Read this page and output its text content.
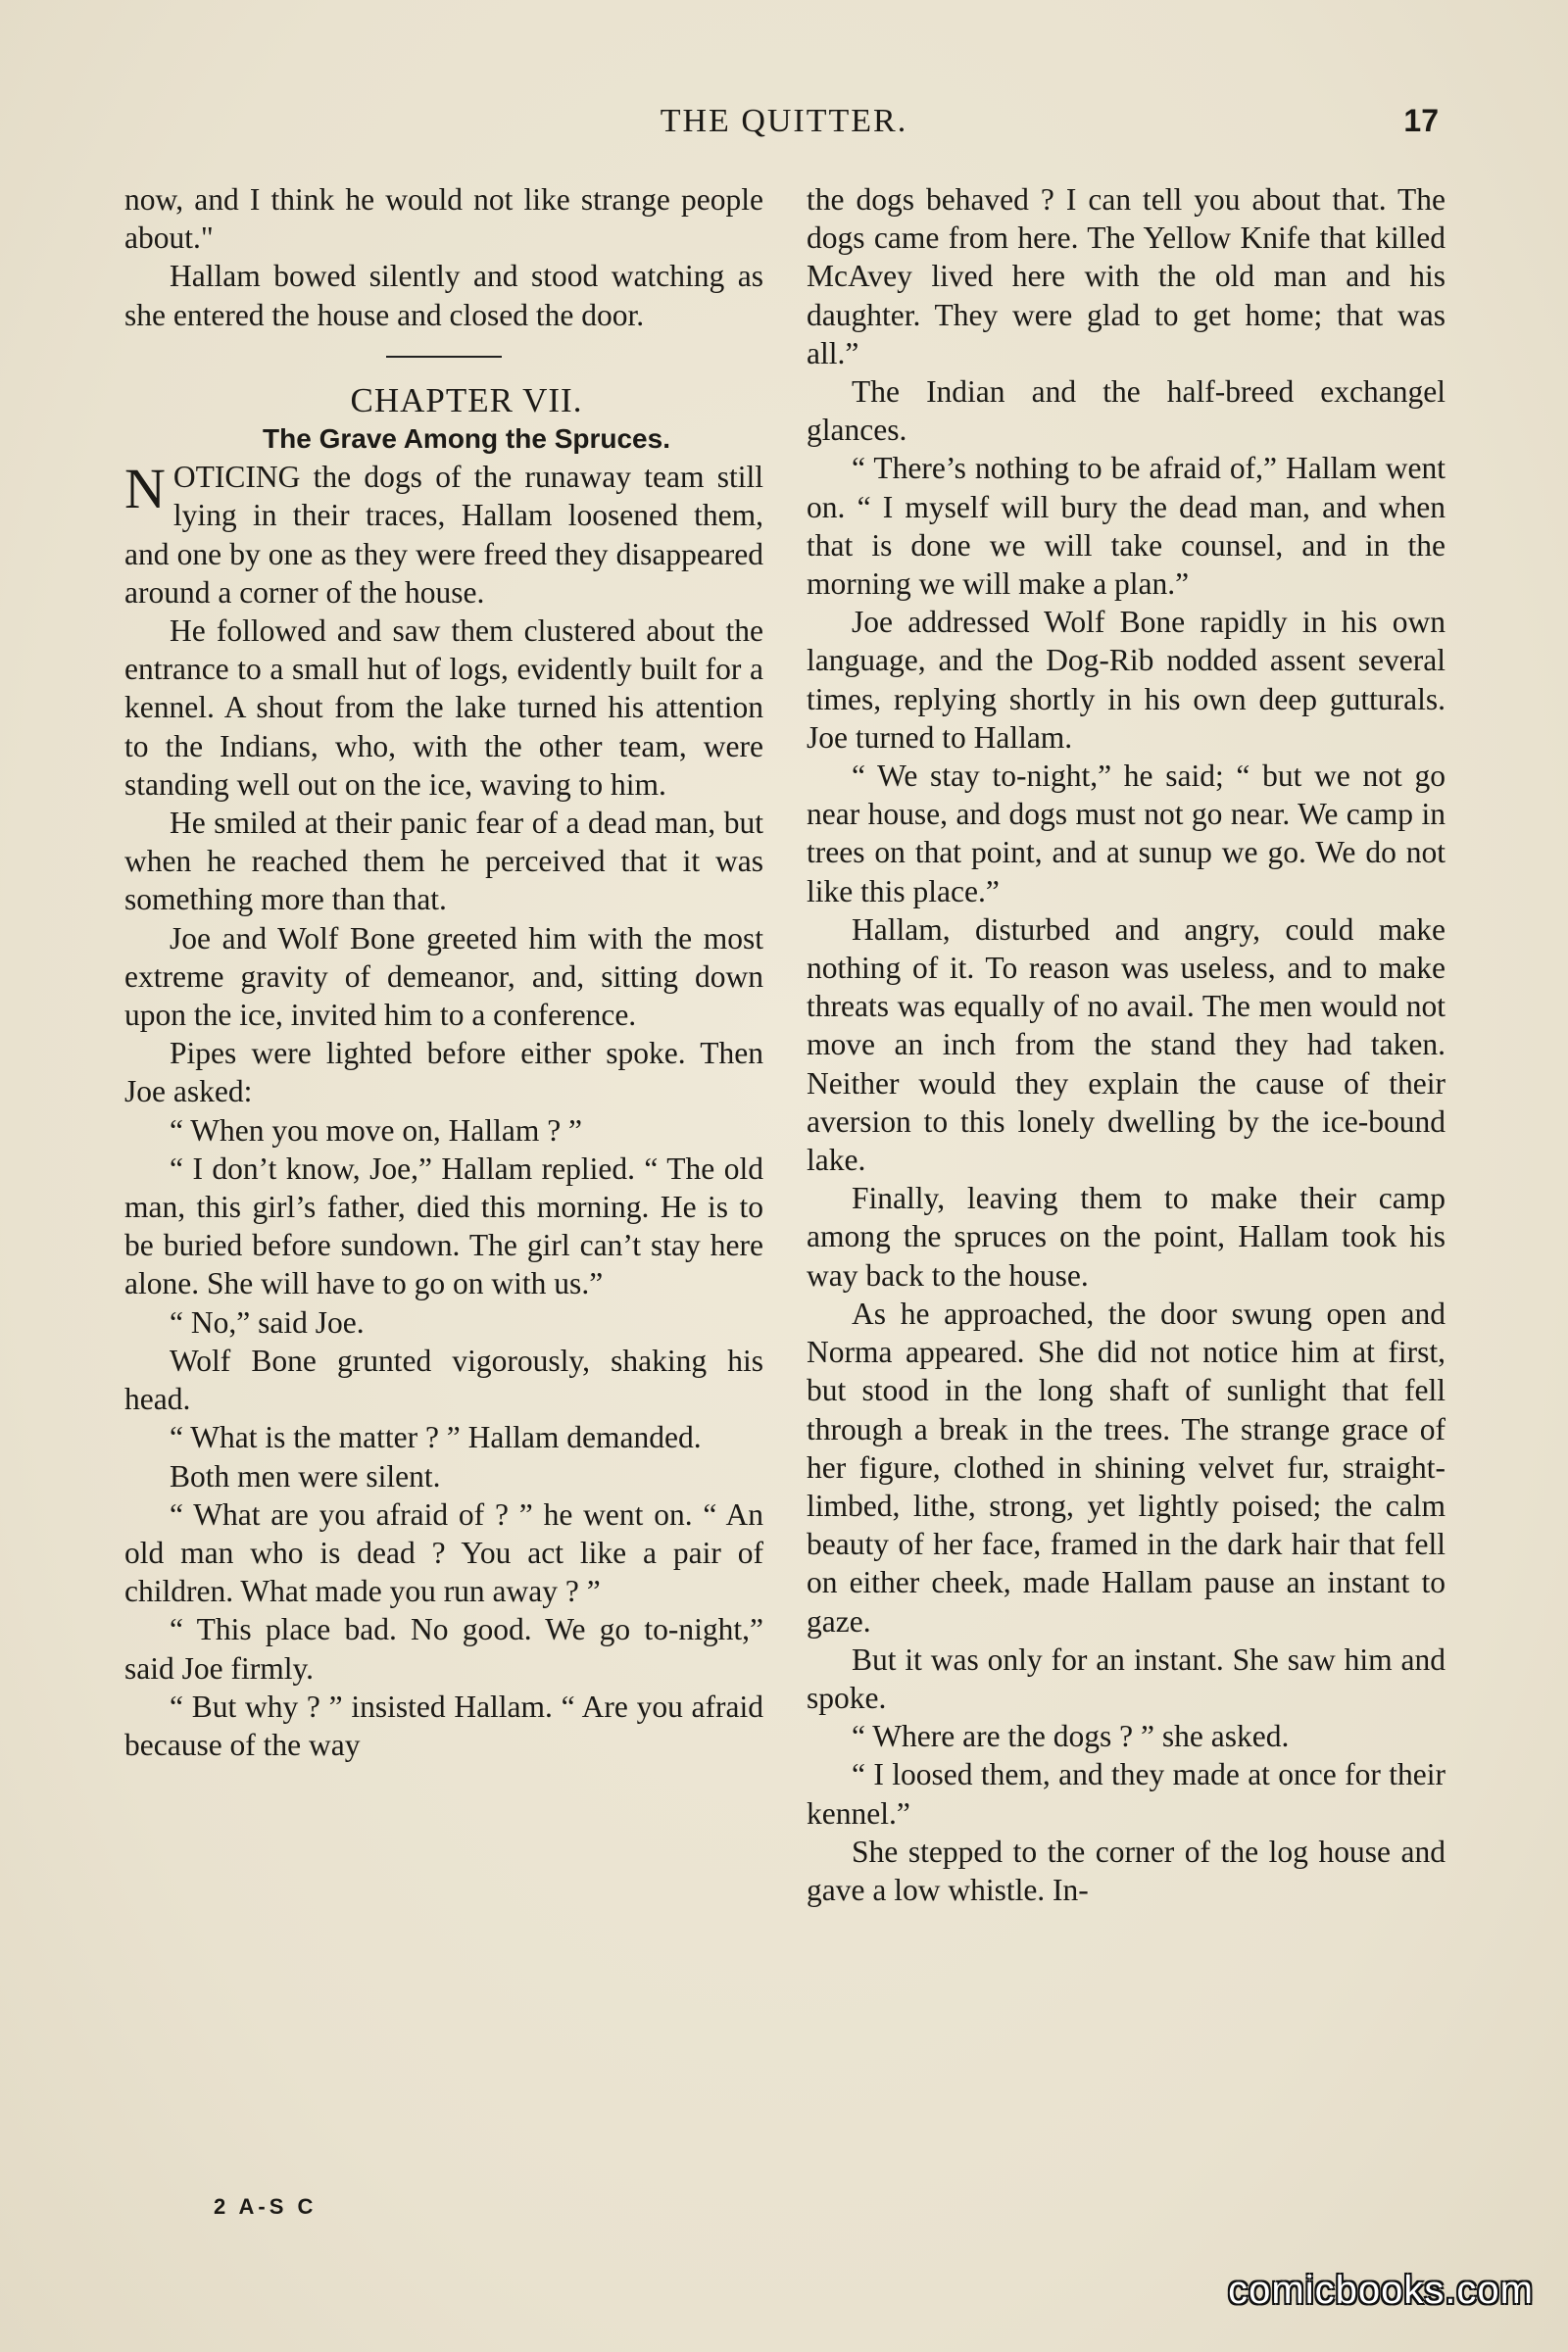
THE QUITTER.	17

now, and I think he would not like strange people about."

Hallam bowed silently and stood watching as she entered the house and closed the door.

CHAPTER VII.

The Grave Among the Spruces.

NOTICING the dogs of the runaway team still lying in their traces, Hallam loosened them, and one by one as they were freed they disappeared around a corner of the house.

He followed and saw them clustered about the entrance to a small hut of logs, evidently built for a kennel. A shout from the lake turned his attention to the Indians, who, with the other team, were standing well out on the ice, waving to him.

He smiled at their panic fear of a dead man, but when he reached them he perceived that it was something more than that.

Joe and Wolf Bone greeted him with the most extreme gravity of demeanor, and, sitting down upon the ice, invited him to a conference.

Pipes were lighted before either spoke. Then Joe asked:

“ When you move on, Hallam ? ”

“ I don’t know, Joe,” Hallam replied. “ The old man, this girl’s father, died this morning. He is to be buried before sundown. The girl can’t stay here alone. She will have to go on with us.”

“ No,” said Joe.

Wolf Bone grunted vigorously, shaking his head.

“ What is the matter ? ” Hallam demanded.

Both men were silent.

“ What are you afraid of ? ” he went on. “ An old man who is dead ? You act like a pair of children. What made you run away ? ”

“ This place bad. No good. We go to-night,” said Joe firmly.

“ But why ? ” insisted Hallam. “ Are you afraid because of the way

the dogs behaved ? I can tell you about that. The dogs came from here. The Yellow Knife that killed McAvey lived here with the old man and his daughter. They were glad to get home; that was all.”

The Indian and the half-breed exchangel glances.

“ There’s nothing to be afraid of,” Hallam went on. “ I myself will bury the dead man, and when that is done we will take counsel, and in the morning we will make a plan.”

Joe addressed Wolf Bone rapidly in his own language, and the Dog-Rib nodded assent several times, replying shortly in his own deep gutturals. Joe turned to Hallam.

“ We stay to-night,” he said; “ but we not go near house, and dogs must not go near. We camp in trees on that point, and at sunup we go. We do not like this place.”

Hallam, disturbed and angry, could make nothing of it. To reason was useless, and to make threats was equally of no avail. The men would not move an inch from the stand they had taken. Neither would they explain the cause of their aversion to this lonely dwelling by the ice-bound lake.

Finally, leaving them to make their camp among the spruces on the point, Hallam took his way back to the house.

As he approached, the door swung open and Norma appeared. She did not notice him at first, but stood in the long shaft of sunlight that fell through a break in the trees. The strange grace of her figure, clothed in shining velvet fur, straight-limbed, lithe, strong, yet lightly poised; the calm beauty of her face, framed in the dark hair that fell on either cheek, made Hallam pause an instant to gaze.

But it was only for an instant. She saw him and spoke.

“ Where are the dogs ? ” she asked.

“ I loosed them, and they made at once for their kennel.”

She stepped to the corner of the log house and gave a low whistle. In-

2 A-S C
comicbooks.com
